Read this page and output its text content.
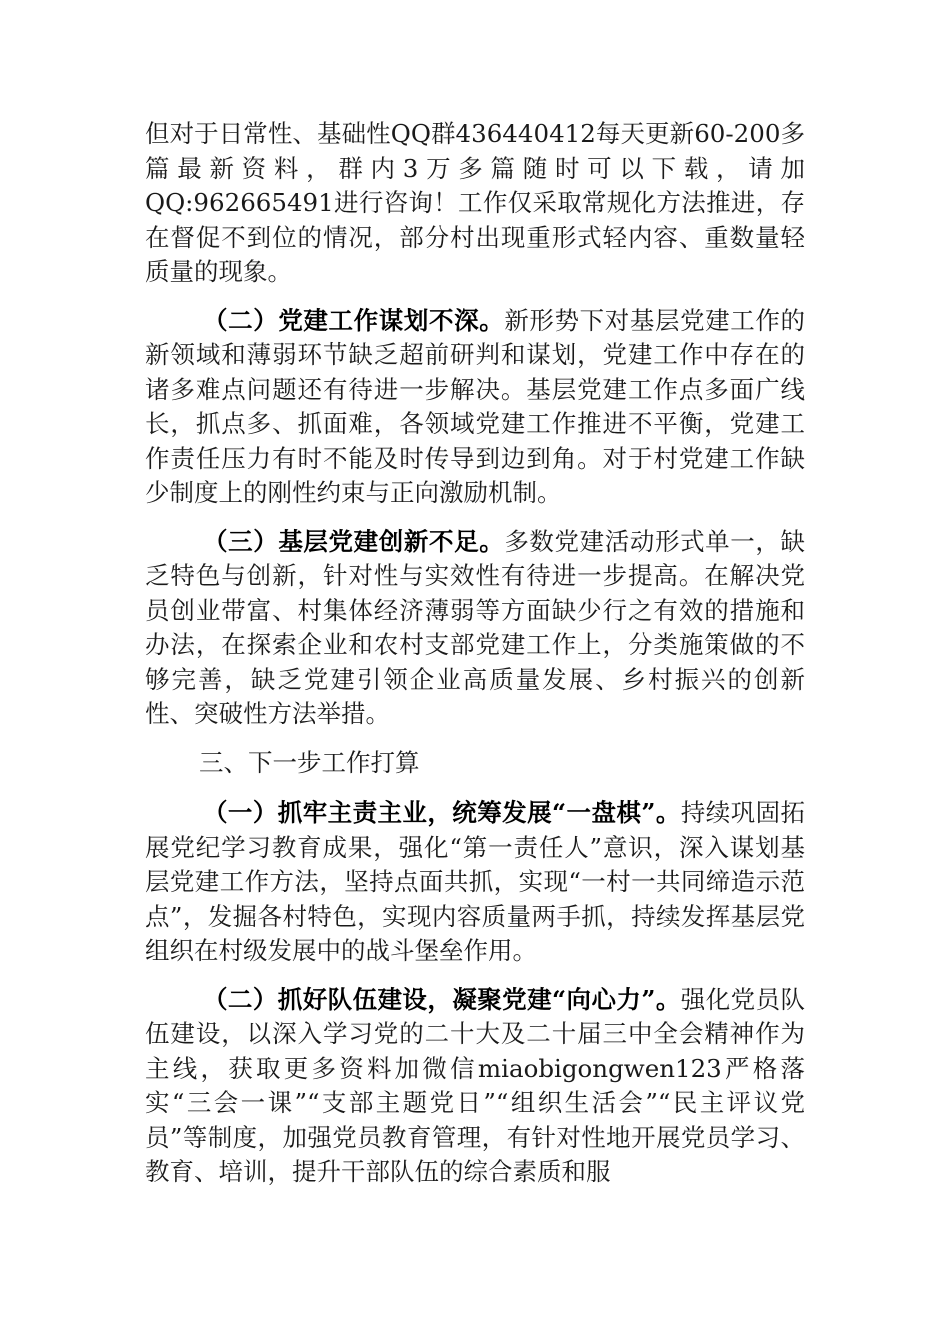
但对于日常性、基础性QQ群436440412每天更新60-200多篇最新资料，群内3万多篇随时可以下载，请加QQ:962665491进行咨询！工作仅采取常规化方法推进，存在督促不到位的情况，部分村出现重形式轻内容、重数量轻质量的现象。

（二）党建工作谋划不深。新形势下对基层党建工作的新领域和薄弱环节缺乏超前研判和谋划，党建工作中存在的诸多难点问题还有待进一步解决。基层党建工作点多面广线长，抓点多、抓面难，各领域党建工作推进不平衡，党建工作责任压力有时不能及时传导到边到角。对于村党建工作缺少制度上的刚性约束与正向激励机制。

（三）基层党建创新不足。多数党建活动形式单一，缺乏特色与创新，针对性与实效性有待进一步提高。在解决党员创业带富、村集体经济薄弱等方面缺少行之有效的措施和办法，在探索企业和农村支部党建工作上，分类施策做的不够完善，缺乏党建引领企业高质量发展、乡村振兴的创新性、突破性方法举措。

三、下一步工作打算

（一）抓牢主责主业，统筹发展“一盘棋”。持续巩固拓展党纪学习教育成果，强化“第一责任人”意识，深入谋划基层党建工作方法，坚持点面共抓，实现“一村一共同缔造示范点”，发掘各村特色，实现内容质量两手抓，持续发挥基层党组织在村级发展中的战斗堡垒作用。

（二）抓好队伍建设，凝聚党建“向心力”。强化党员队伍建设，以深入学习党的二十大及二十届三中全会精神作为主线，获取更多资料加微信miaobigongwen123严格落实“三会一课”“支部主题党日”“组织生活会”“民主评议党员”等制度，加强党员教育管理，有针对性地开展党员学习、教育、培训，提升干部队伍的综合素质和服
